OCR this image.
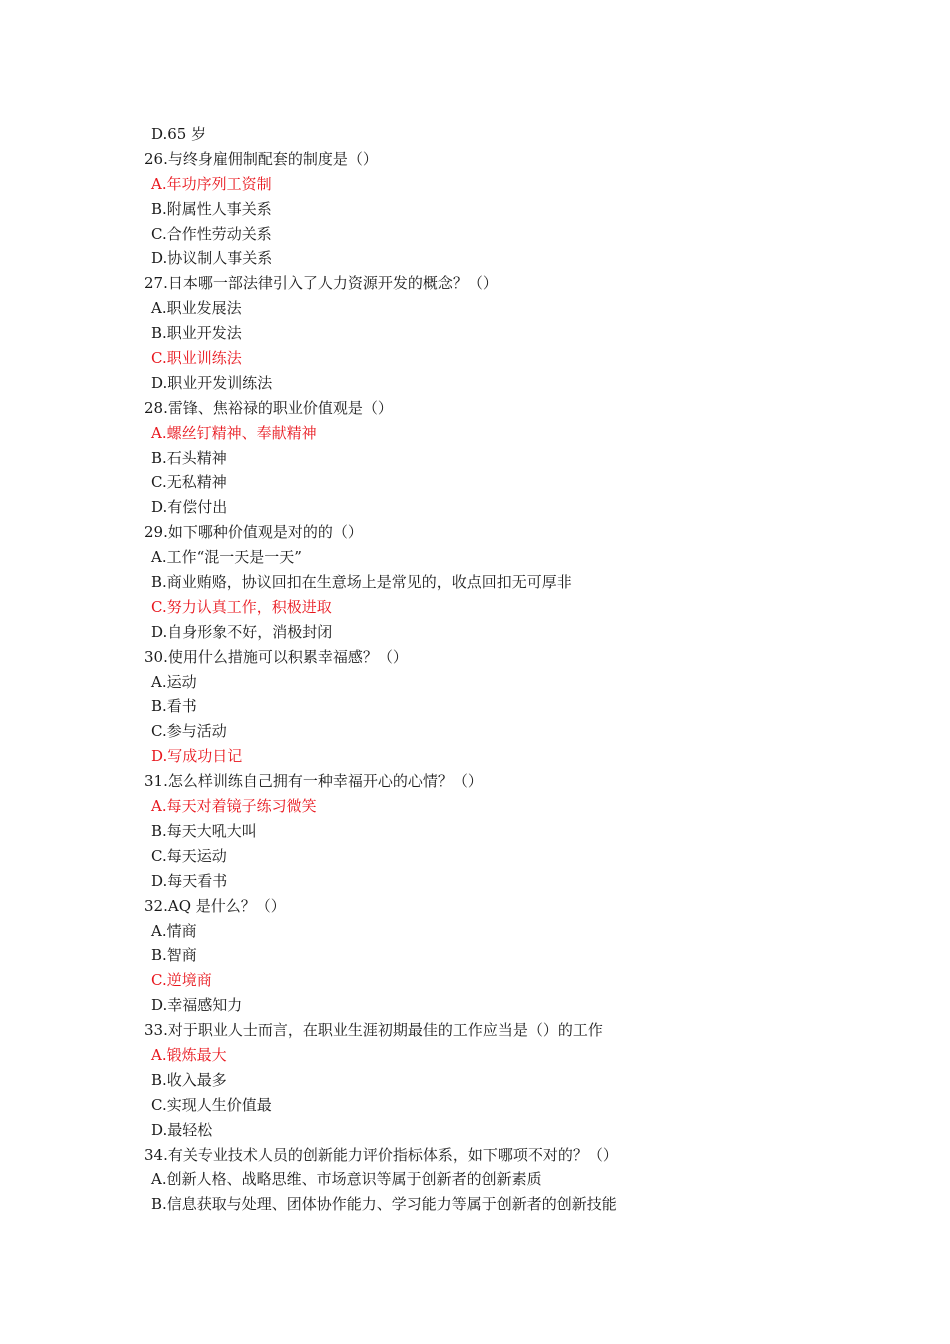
D.65 岁
26.与终身雇佣制配套的制度是（）
A.年功序列工资制
B.附属性人事关系
C.合作性劳动关系
D.协议制人事关系
27.日本哪一部法律引入了人力资源开发的概念？（）
A.职业发展法
B.职业开发法
C.职业训练法
D.职业开发训练法
28.雷锋、焦裕禄的职业价值观是（）
A.螺丝钉精神、奉献精神
B.石头精神
C.无私精神
D.有偿付出
29.如下哪种价值观是对的的（）
A.工作“混一天是一天”
B.商业贿赂，协议回扣在生意场上是常见的，收点回扣无可厚非
C.努力认真工作，积极进取
D.自身形象不好，消极封闭
30.使用什么措施可以积累幸福感？（）
A.运动
B.看书
C.参与活动
D.写成功日记
31.怎么样训练自己拥有一种幸福开心的心情？（）
A.每天对着镜子练习微笑
B.每天大吼大叫
C.每天运动
D.每天看书
32.AQ 是什么？（）
A.情商
B.智商
C.逆境商
D.幸福感知力
33.对于职业人士而言，在职业生涯初期最佳的工作应当是（）的工作
A.锻炼最大
B.收入最多
C.实现人生价值最
D.最轻松
34.有关专业技术人员的创新能力评价指标体系，如下哪项不对的？（）
A.创新人格、战略思维、市场意识等属于创新者的创新素质
B.信息获取与处理、团体协作能力、学习能力等属于创新者的创新技能
